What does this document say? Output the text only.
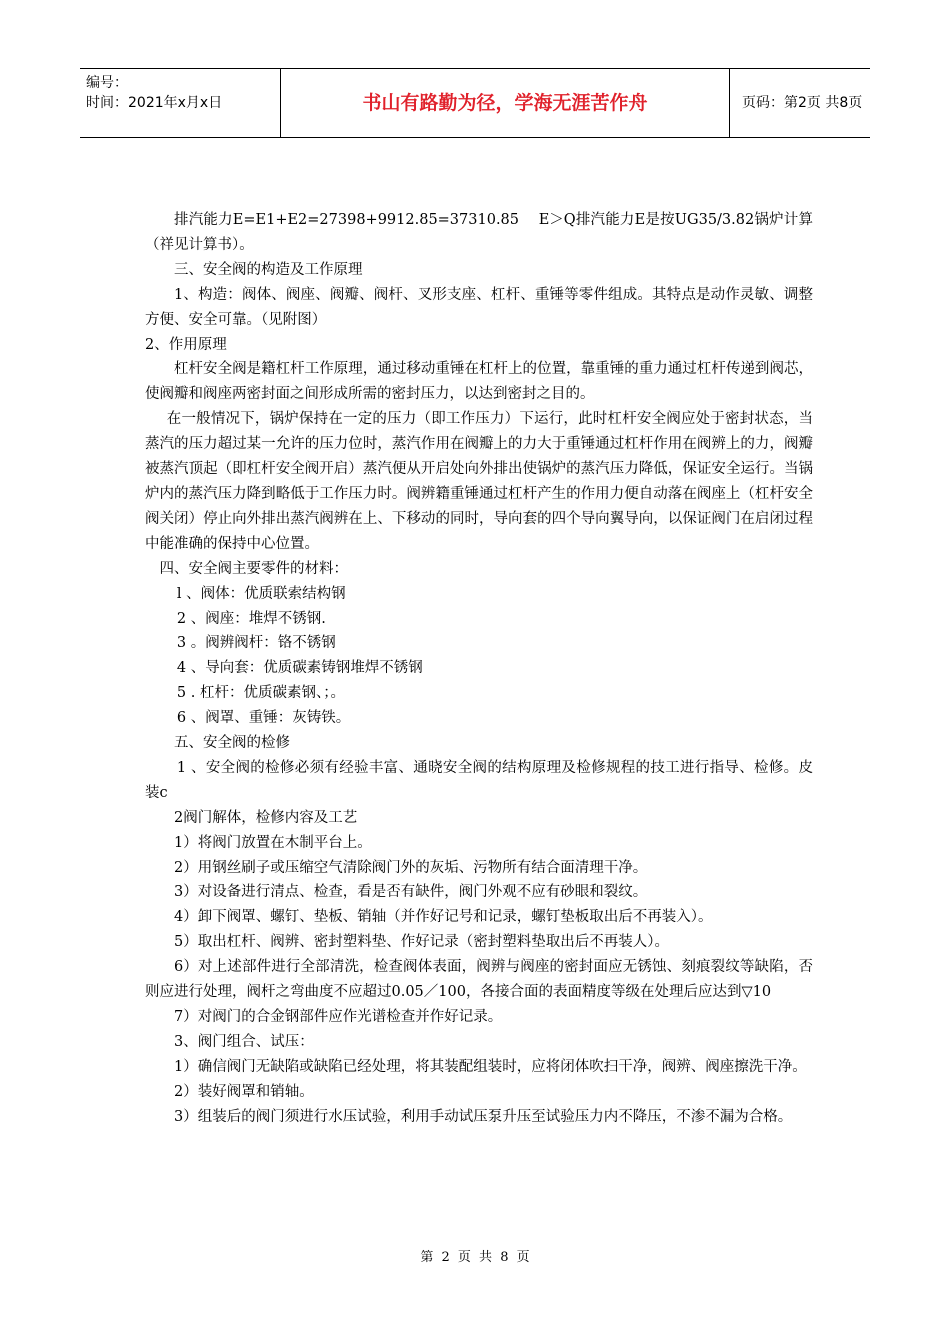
编号：
时间：2021年x月x日	书山有路勤为径，学海无涯苦作舟	页码：第2页 共8页

排汽能力E=E1+E2=27398+9912.85=37310.85　 E＞Q排汽能力E是按UG35/3.82锅炉计算（祥见计算书）。

三、安全阀的构造及工作原理

1、构造：阀体、阀座、阀瓣、阀杆、叉形支座、杠杆、重锤等零件组成。其特点是动作灵敏、调整方便、安全可靠。（见附图）

2、作用原理

杠杆安全阀是籍杠杆工作原理，通过移动重锤在杠杆上的位置，靠重锤的重力通过杠杆传递到阀芯，使阀瓣和阀座两密封面之间形成所需的密封压力，以达到密封之目的。

在一般情况下，锅炉保持在一定的压力（即工作压力）下运行，此时杠杆安全阀应处于密封状态，当蒸汽的压力超过某一允许的压力位时，蒸汽作用在阀瓣上的力大于重锤通过杠杆作用在阀辨上的力，阀瓣被蒸汽顶起（即杠杆安全阀开启）蒸汽便从开启处向外排出使锅炉的蒸汽压力降低，保证安全运行。当锅炉内的蒸汽压力降到略低于工作压力时。阀辨籍重锤通过杠杆产生的作用力便自动落在阀座上（杠杆安全阀关闭）停止向外排出蒸汽阀辨在上、下移动的同时，导向套的四个导向翼导向，以保证阀门在启闭过程中能准确的保持中心位置。

四、安全阀主要零件的材料：

l 、阀体：优质联索结构钢

2 、阀座：堆焊不锈钢.

3 。阀辨阀杆：铬不锈钢

4 、导向套：优质碳素铸钢堆焊不锈钢

5 . 杠杆：优质碳素钢、；。

6 、阀罩、重锤：灰铸铁。

五、安全阀的检修

1 、安全阀的检修必须有经验丰富、通晓安全阀的结构原理及检修规程的技工进行指导、检修。皮装c

2阀门解体，检修内容及工艺

1）将阀门放置在木制平台上。

2）用钢丝刷子或压缩空气清除阀门外的灰垢、污物所有结合面清理干净。

3）对设备进行清点、检查，看是否有缺件，阀门外观不应有砂眼和裂纹。

4）卸下阀罩、螺钉、垫板、销轴（并作好记号和记录，螺钉垫板取出后不再装入）。

5）取出杠杆、阀辨、密封塑料垫、作好记录（密封塑料垫取出后不再装人）。

6）对上述部件进行全部清洗，检查阀体表面，阀辨与阀座的密封面应无锈蚀、刻痕裂纹等缺陷，否则应进行处理，阀杆之弯曲度不应超过0.05／100，各接合面的表面精度等级在处理后应达到▽10

7）对阀门的合金钢部件应作光谱检查并作好记录。

3、阀门组合、试压：

1）确信阀门无缺陷或缺陷已经处理，将其装配组装时，应将闭体吹扫干净，阀辨、阀座擦洗干净。

2）装好阀罩和销轴。

3）组装后的阀门须进行水压试验，利用手动试压泵升压至试验压力内不降压，不渗不漏为合格。

第 2 页 共 8 页
